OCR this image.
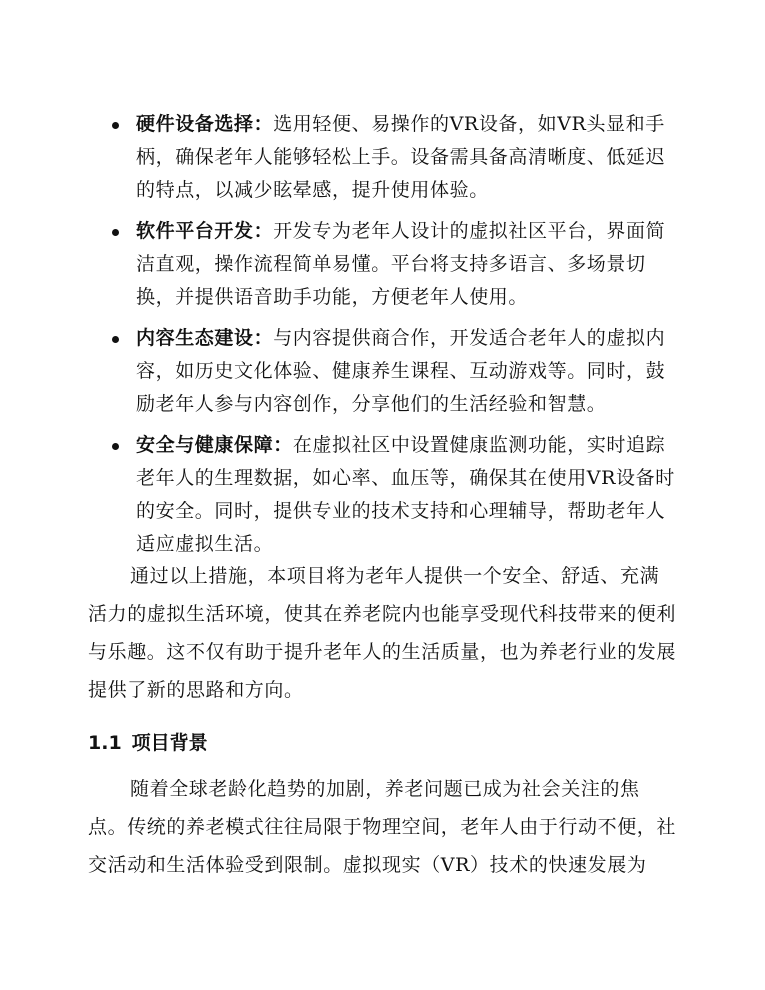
硬件设备选择：选用轻便、易操作的VR设备，如VR头显和手柄，确保老年人能够轻松上手。设备需具备高清晰度、低延迟的特点，以减少眩晕感，提升使用体验。
软件平台开发：开发专为老年人设计的虚拟社区平台，界面简洁直观，操作流程简单易懂。平台将支持多语言、多场景切换，并提供语音助手功能，方便老年人使用。
内容生态建设：与内容提供商合作，开发适合老年人的虚拟内容，如历史文化体验、健康养生课程、互动游戏等。同时，鼓励老年人参与内容创作，分享他们的生活经验和智慧。
安全与健康保障：在虚拟社区中设置健康监测功能，实时追踪老年人的生理数据，如心率、血压等，确保其在使用VR设备时的安全。同时，提供专业的技术支持和心理辅导，帮助老年人适应虚拟生活。

通过以上措施，本项目将为老年人提供一个安全、舒适、充满活力的虚拟生活环境，使其在养老院内也能享受现代科技带来的便利与乐趣。这不仅有助于提升老年人的生活质量，也为养老行业的发展提供了新的思路和方向。

1.1 项目背景

随着全球老龄化趋势的加剧，养老问题已成为社会关注的焦点。传统的养老模式往往局限于物理空间，老年人由于行动不便，社交活动和生活体验受到限制。虚拟现实（VR）技术的快速发展为
